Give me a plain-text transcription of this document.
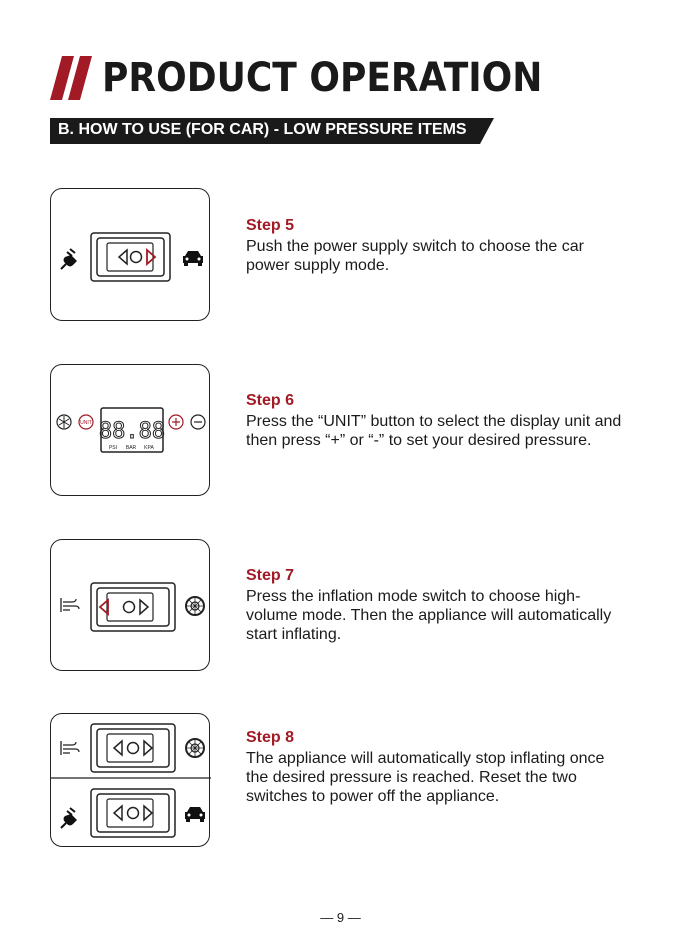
PRODUCT OPERATION
B. HOW TO USE (FOR CAR) - LOW PRESSURE ITEMS
Step 5
Push the power supply switch to choose the car power supply mode.
UNIT 88.88
PSI BAR KPA
Step 6
Press the “UNIT” button to select the display unit and then press “+” or “-” to set your desired pressure.
Step 7
Press the inflation mode switch to choose high-volume mode. Then the appliance will automatically start inflating.
Step 8
The appliance will automatically stop inflating once the desired pressure is reached. Reset the two switches to power off the appliance.
— 9 —
